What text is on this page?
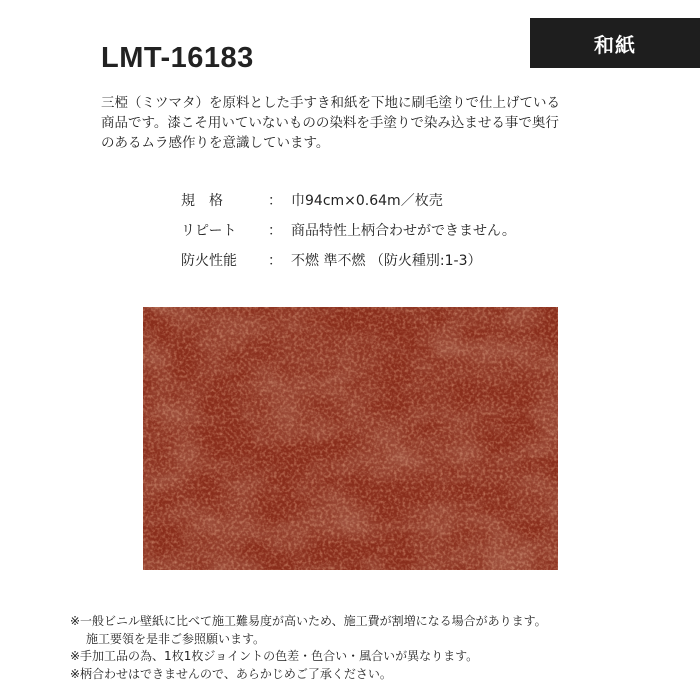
和紙
LMT-16183
三椏（ミツマタ）を原料とした手すき和紙を下地に刷毛塗りで仕上げている
商品です。漆こそ用いていないものの染料を手塗りで染み込ませる事で奥行
のあるムラ感作りを意識しています。
規　格	： 巾94cm×0.64m／枚売
リピート	： 商品特性上柄合わせができません。
防火性能	： 不燃 準不燃 （防火種別:1-3）
※一般ビニル壁紙に比べて施工難易度が高いため、施工費が割増になる場合があります。
施工要領を是非ご参照願います。
※手加工品の為、1枚1枚ジョイントの色差・色合い・風合いが異なります。
※柄合わせはできませんので、あらかじめご了承ください。
